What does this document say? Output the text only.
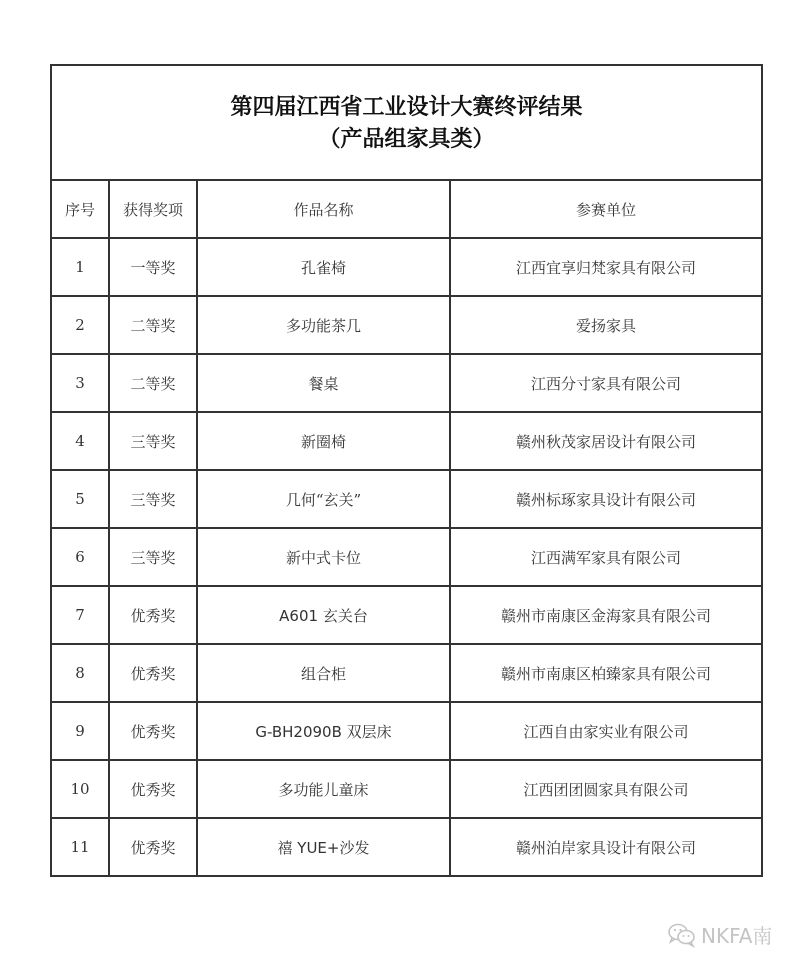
第四届江西省工业设计大赛终评结果
（产品组家具类）			

序号	获得奖项	作品名称	参赛单位
1	一等奖	孔雀椅	江西宜享归梵家具有限公司
2	二等奖	多功能茶几	爱扬家具
3	二等奖	餐桌	江西分寸家具有限公司
4	三等奖	新圈椅	赣州秋茂家居设计有限公司
5	三等奖	几何“玄关”	赣州标琢家具设计有限公司
6	三等奖	新中式卡位	江西满军家具有限公司
7	优秀奖	A601 玄关台	赣州市南康区金海家具有限公司
8	优秀奖	组合柜	赣州市南康区柏臻家具有限公司
9	优秀奖	G-BH2090B 双层床	江西自由家实业有限公司
10	优秀奖	多功能儿童床	江西团团圆家具有限公司
11	优秀奖	禧 YUE+沙发	赣州泊岸家具设计有限公司
NKFA南
